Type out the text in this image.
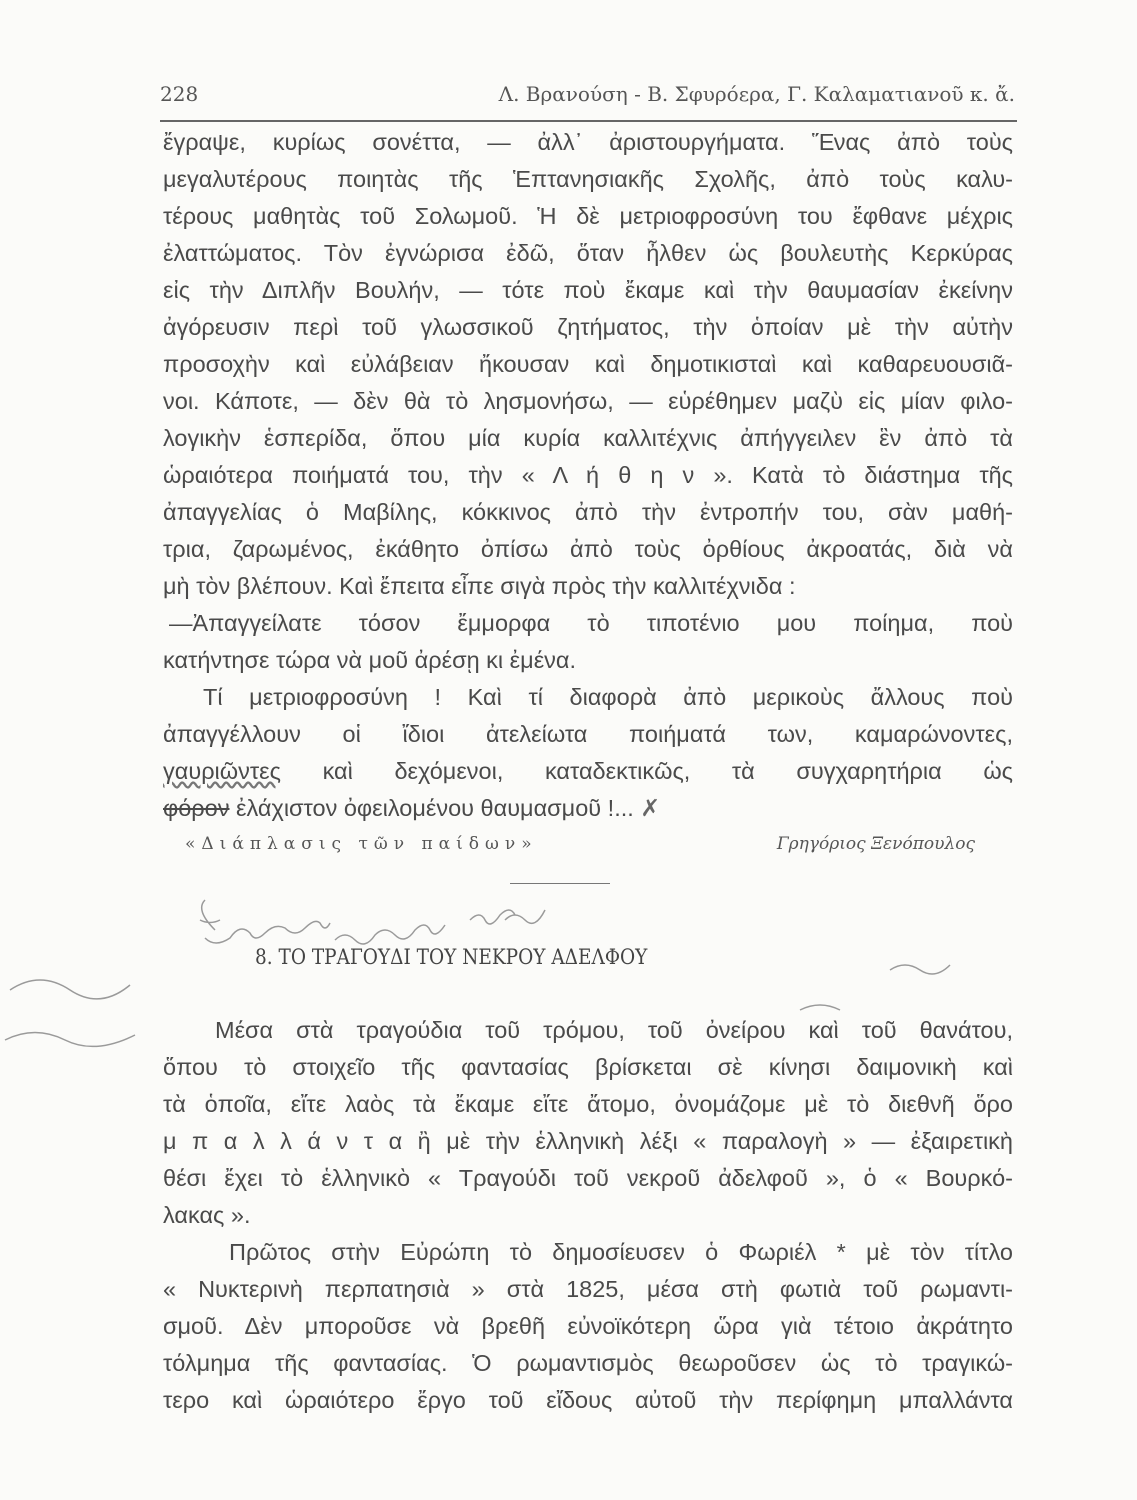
228	Λ. Βρανούση - Β. Σφυρόερα, Γ. Καλαματιανοῦ κ. ἄ.
ἔγραψε, κυρίως σονέττα, — ἀλλ᾽ ἀριστουργήματα. Ἕνας ἀπὸ τοὺς
μεγαλυτέρους ποιητὰς τῆς Ἑπτανησιακῆς Σχολῆς, ἀπὸ τοὺς καλυ-
τέρους μαθητὰς τοῦ Σολωμοῦ. Ἡ δὲ μετριοφροσύνη του ἔφθανε μέχρις
ἐλαττώματος. Τὸν ἐγνώρισα ἐδῶ, ὅταν ἦλθεν ὡς βουλευτὴς Κερκύρας
εἰς τὴν Διπλῆν Βουλήν, — τότε ποὺ ἔκαμε καὶ τὴν θαυμασίαν ἐκείνην
ἀγόρευσιν περὶ τοῦ γλωσσικοῦ ζητήματος, τὴν ὁποίαν μὲ τὴν αὐτὴν
προσοχὴν καὶ εὐλάβειαν ἤκουσαν καὶ δημοτικισταὶ καὶ καθαρευουσιᾶ-
νοι. Κάποτε, — δὲν θὰ τὸ λησμονήσω, — εὑρέθημεν μαζὺ εἰς μίαν φιλο-
λογικὴν ἑσπερίδα, ὅπου μία κυρία καλλιτέχνις ἀπήγγειλεν ἓν ἀπὸ τὰ
ὡραιότερα ποιήματά του, τὴν « Λ ή θ η ν ». Κατὰ τὸ διάστημα τῆς
ἀπαγγελίας ὁ Μαβίλης, κόκκινος ἀπὸ τὴν ἐντροπήν του, σὰν μαθή-
τρια, ζαρωμένος, ἐκάθητο ὀπίσω ἀπὸ τοὺς ὀρθίους ἀκροατάς, διὰ νὰ
μὴ τὸν βλέπουν. Καὶ ἔπειτα εἶπε σιγὰ πρὸς τὴν καλλιτέχνιδα :
—Ἀπαγγείλατε τόσον ἔμμορφα τὸ τιποτένιο μου ποίημα, ποὺ
κατήντησε τώρα νὰ μοῦ ἀρέσῃ κι ἐμένα.
Τί μετριοφροσύνη ! Καὶ τί διαφορὰ ἀπὸ μερικοὺς ἄλλους ποὺ
ἀπαγγέλλουν οἱ ἴδιοι ἀτελείωτα ποιήματά των, καμαρώνοντες,
γαυριῶντες καὶ δεχόμενοι, καταδεκτικῶς, τὰ συγχαρητήρια ὡς
φόρον ἐλάχιστον ὀφειλομένου θαυμασμοῦ !... ✗
«Διάπλασις τῶν παίδων»	Γρηγόριος Ξενόπουλος
8. ΤΟ ΤΡΑΓΟΥΔΙ ΤΟΥ ΝΕΚΡΟΥ ΑΔΕΛΦΟΥ
Μέσα στὰ τραγούδια τοῦ τρόμου, τοῦ ὀνείρου καὶ τοῦ θανάτου,
ὅπου τὸ στοιχεῖο τῆς φαντασίας βρίσκεται σὲ κίνησι δαιμονικὴ καὶ
τὰ ὁποῖα, εἴτε λαὸς τὰ ἔκαμε εἴτε ἄτομο, ὀνομάζομε μὲ τὸ διεθνῆ ὅρο
μ π α λ λ ά ν τ α ἢ μὲ τὴν ἑλληνικὴ λέξι « παραλογὴ » — ἐξαιρετικὴ
θέσι ἔχει τὸ ἑλληνικὸ « Τραγούδι τοῦ νεκροῦ ἀδελφοῦ », ὁ « Βουρκό-
λακας ».
Πρῶτος στὴν Εὐρώπη τὸ δημοσίευσεν ὁ Φωριέλ * μὲ τὸν τίτλο
« Νυκτερινὴ περπατησιὰ » στὰ 1825, μέσα στὴ φωτιὰ τοῦ ρωμαντι-
σμοῦ. Δὲν μποροῦσε νὰ βρεθῆ εὐνοϊκότερη ὥρα γιὰ τέτοιο ἀκράτητο
τόλμημα τῆς φαντασίας. Ὁ ρωμαντισμὸς θεωροῦσεν ὡς τὸ τραγικώ-
τερο καὶ ὡραιότερο ἔργο τοῦ εἴδους αὐτοῦ τὴν περίφημη μπαλλάντα
